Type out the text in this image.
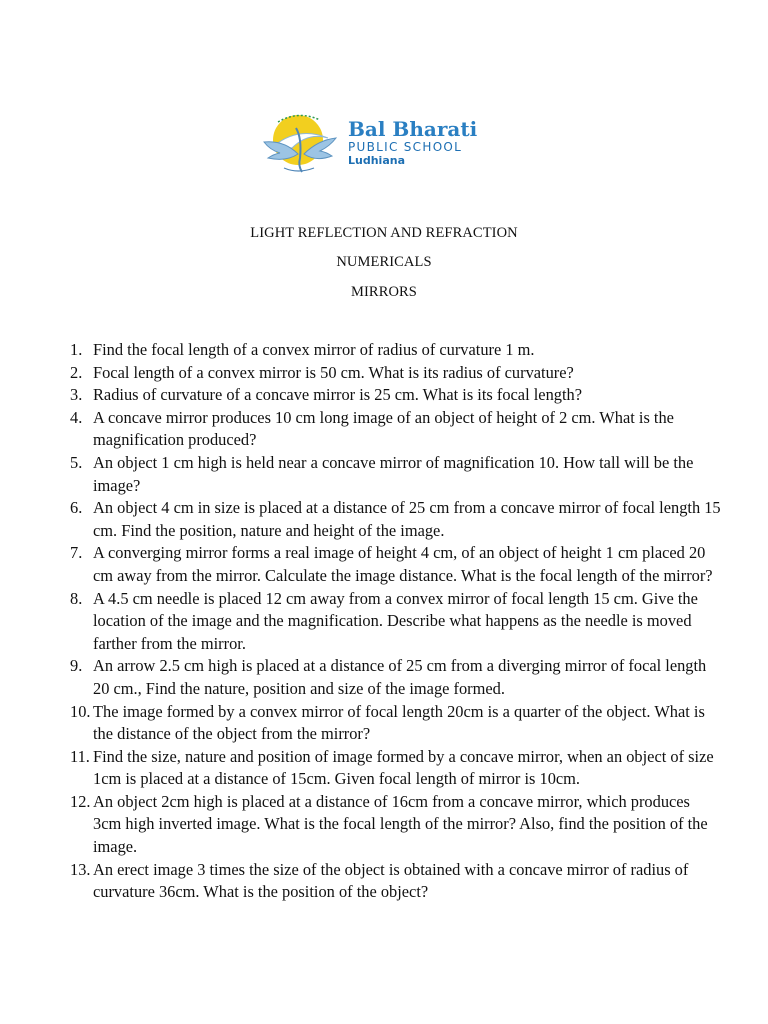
Bal Bharati
PUBLIC SCHOOL
Ludhiana
LIGHT REFLECTION AND REFRACTION
NUMERICALS
MIRRORS
1. Find the focal length of a convex mirror of radius of curvature 1 m.
2. Focal length of a convex mirror is 50 cm. What is its radius of curvature?
3. Radius of curvature of a concave mirror is 25 cm. What is its focal length?
4. A concave mirror produces 10 cm long image of an object of height of 2 cm. What is the magnification produced?
5. An object 1 cm high is held near a concave mirror of magnification 10. How tall will be the image?
6. An object 4 cm in size is placed at a distance of 25 cm from a concave mirror of focal length 15 cm. Find the position, nature and height of the image.
7. A converging mirror forms a real image of height 4 cm, of an object of height 1 cm placed 20 cm away from the mirror. Calculate the image distance. What is the focal length of the mirror?
8. A 4.5 cm needle is placed 12 cm away from a convex mirror of focal length 15 cm. Give the location of the image and the magnification. Describe what happens as the needle is moved farther from the mirror.
9. An arrow 2.5 cm high is placed at a distance of 25 cm from a diverging mirror of focal length 20 cm., Find the nature, position and size of the image formed.
10. The image formed by a convex mirror of focal length 20cm is a quarter of the object. What is the distance of the object from the mirror?
11. Find the size, nature and position of image formed by a concave mirror, when an object of size 1cm is placed at a distance of 15cm. Given focal length of mirror is 10cm.
12. An object 2cm high is placed at a distance of 16cm from a concave mirror, which produces 3cm high inverted image. What is the focal length of the mirror? Also, find the position of the image.
13. An erect image 3 times the size of the object is obtained with a concave mirror of radius of curvature 36cm. What is the position of the object?
